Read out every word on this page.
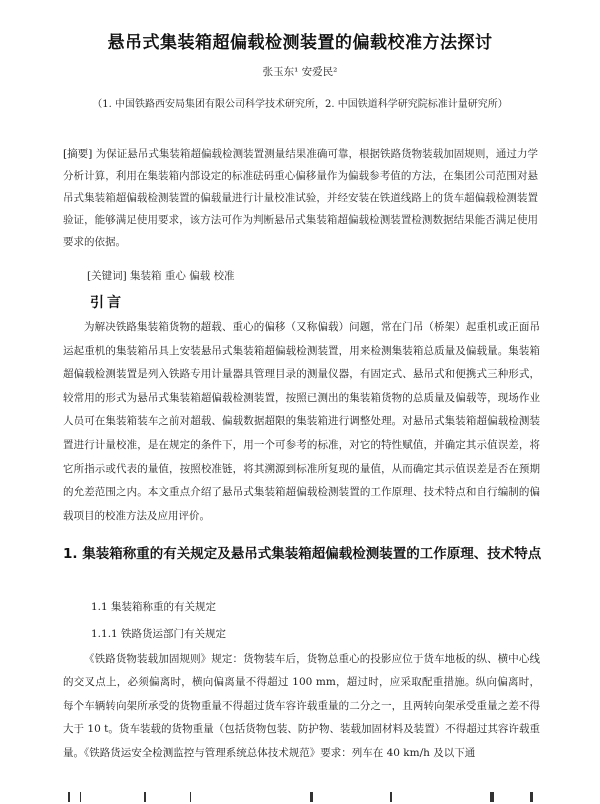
悬吊式集装箱超偏载检测装置的偏载校准方法探讨
张玉东¹ 安爱民²
（1. 中国铁路西安局集团有限公司科学技术研究所，2. 中国铁道科学研究院标准计量研究所）
[摘要] 为保证悬吊式集装箱超偏载检测装置测量结果准确可靠，根据铁路货物装载加固规则，通过力学分析计算，利用在集装箱内部设定的标准砝码重心偏移量作为偏载参考值的方法，在集团公司范围对悬吊式集装箱超偏载检测装置的偏载量进行计量校准试验，并经安装在铁道线路上的货车超偏载检测装置验证，能够满足使用要求，该方法可作为判断悬吊式集装箱超偏载检测装置检测数据结果能否满足使用要求的依据。
[关键词] 集装箱 重心 偏载 校准
引言
为解决铁路集装箱货物的超载、重心的偏移（又称偏载）问题，常在门吊（桥架）起重机或正面吊运起重机的集装箱吊具上安装悬吊式集装箱超偏载检测装置，用来检测集装箱总质量及偏载量。集装箱超偏载检测装置是列入铁路专用计量器具管理目录的测量仪器，有固定式、悬吊式和便携式三种形式，较常用的形式为悬吊式集装箱超偏载检测装置，按照已测出的集装箱货物的总质量及偏载等，现场作业人员可在集装箱装车之前对超载、偏载数据超限的集装箱进行调整处理。对悬吊式集装箱超偏载检测装置进行计量校准，是在规定的条件下，用一个可参考的标准，对它的特性赋值，并确定其示值误差，将它所指示或代表的量值，按照校准链，将其溯源到标准所复现的量值，从而确定其示值误差是否在预期的允差范围之内。本文重点介绍了悬吊式集装箱超偏载检测装置的工作原理、技术特点和自行编制的偏载项目的校准方法及应用评价。
1. 集装箱称重的有关规定及悬吊式集装箱超偏载检测装置的工作原理、技术特点
1.1 集装箱称重的有关规定
1.1.1 铁路货运部门有关规定
《铁路货物装载加固规则》规定：货物装车后，货物总重心的投影应位于货车地板的纵、横中心线的交叉点上，必须偏离时，横向偏离量不得超过 100 mm，超过时，应采取配重措施。纵向偏离时，每个车辆转向架所承受的货物重量不得超过货车容许载重量的二分之一，且两转向架承受重量之差不得大于 10 t。货车装载的货物重量（包括货物包装、防护物、装载加固材料及装置）不得超过其容许载重量。《铁路货运安全检测监控与管理系统总体技术规范》要求：列车在 40 km/h 及以下通
